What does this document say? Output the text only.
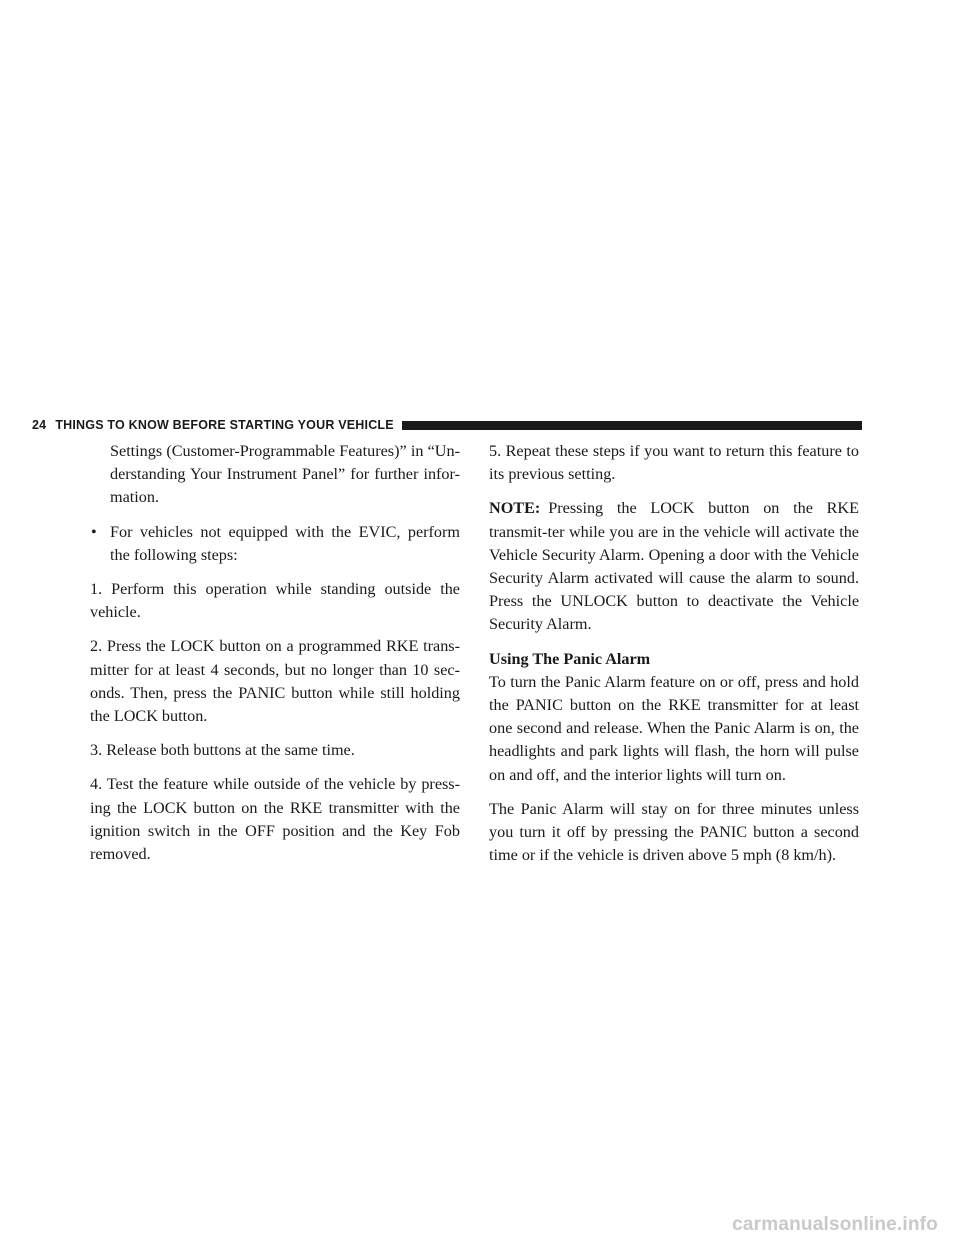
24 THINGS TO KNOW BEFORE STARTING YOUR VEHICLE

Settings (Customer-Programmable Features)” in “Un-derstanding Your Instrument Panel” for further infor-mation.

• For vehicles not equipped with the EVIC, perform the following steps:

1. Perform this operation while standing outside the vehicle.

2. Press the LOCK button on a programmed RKE trans-mitter for at least 4 seconds, but no longer than 10 sec-onds. Then, press the PANIC button while still holding the LOCK button.

3. Release both buttons at the same time.

4. Test the feature while outside of the vehicle by press-ing the LOCK button on the RKE transmitter with the ignition switch in the OFF position and the Key Fob removed.

5. Repeat these steps if you want to return this feature to its previous setting.

NOTE: Pressing the LOCK button on the RKE transmit-ter while you are in the vehicle will activate the Vehicle Security Alarm. Opening a door with the Vehicle Security Alarm activated will cause the alarm to sound. Press the UNLOCK button to deactivate the Vehicle Security Alarm.

Using The Panic Alarm

To turn the Panic Alarm feature on or off, press and hold the PANIC button on the RKE transmitter for at least one second and release. When the Panic Alarm is on, the headlights and park lights will flash, the horn will pulse on and off, and the interior lights will turn on.

The Panic Alarm will stay on for three minutes unless you turn it off by pressing the PANIC button a second time or if the vehicle is driven above 5 mph (8 km/h).

carmanualsonline.info
